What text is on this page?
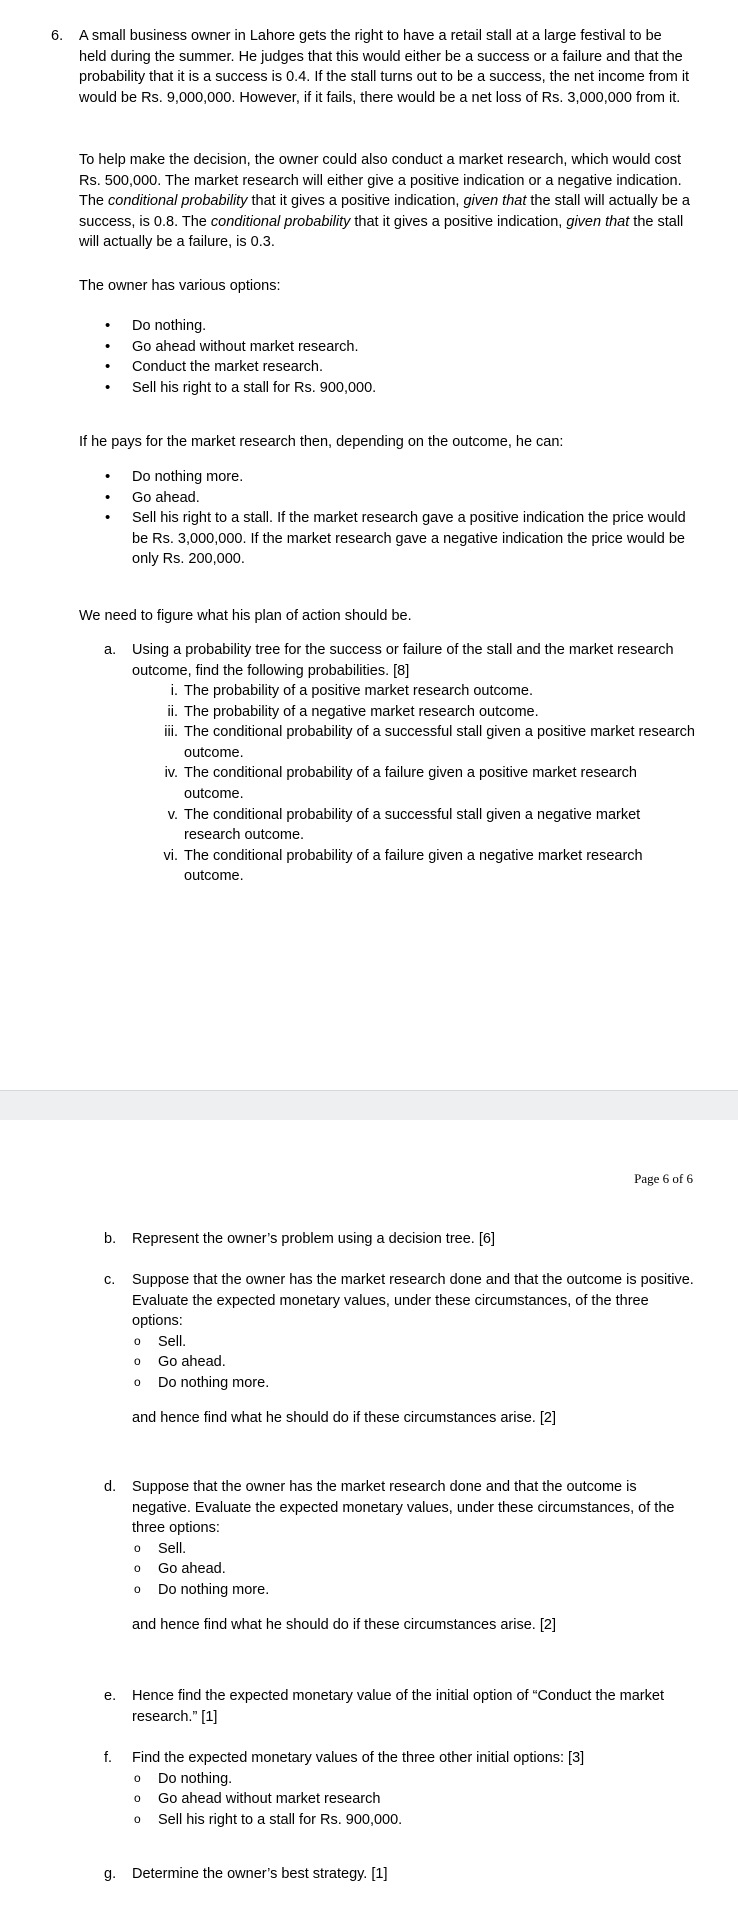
6. A small business owner in Lahore gets the right to have a retail stall at a large festival to be held during the summer. He judges that this would either be a success or a failure and that the probability that it is a success is 0.4. If the stall turns out to be a success, the net income from it would be Rs. 9,000,000. However, if it fails, there would be a net loss of Rs. 3,000,000 from it.

To help make the decision, the owner could also conduct a market research, which would cost Rs. 500,000. The market research will either give a positive indication or a negative indication. The conditional probability that it gives a positive indication, given that the stall will actually be a success, is 0.8. The conditional probability that it gives a positive indication, given that the stall will actually be a failure, is 0.3.

The owner has various options:

• Do nothing.
• Go ahead without market research.
• Conduct the market research.
• Sell his right to a stall for Rs. 900,000.

If he pays for the market research then, depending on the outcome, he can:

• Do nothing more.
• Go ahead.
• Sell his right to a stall. If the market research gave a positive indication the price would be Rs. 3,000,000. If the market research gave a negative indication the price would be only Rs. 200,000.

We need to figure what his plan of action should be.

a. Using a probability tree for the success or failure of the stall and the market research outcome, find the following probabilities. [8]

i. The probability of a positive market research outcome.
ii. The probability of a negative market research outcome.
iii. The conditional probability of a successful stall given a positive market research outcome.
iv. The conditional probability of a failure given a positive market research outcome.
v. The conditional probability of a successful stall given a negative market research outcome.
vi. The conditional probability of a failure given a negative market research outcome.
Page 6 of 6
b. Represent the owner’s problem using a decision tree. [6]

c. Suppose that the owner has the market research done and that the outcome is positive. Evaluate the expected monetary values, under these circumstances, of the three options:

o Sell.
o Go ahead.
o Do nothing more.

and hence find what he should do if these circumstances arise. [2]

d. Suppose that the owner has the market research done and that the outcome is negative. Evaluate the expected monetary values, under these circumstances, of the three options:

o Sell.
o Go ahead.
o Do nothing more.

and hence find what he should do if these circumstances arise. [2]

e. Hence find the expected monetary value of the initial option of “Conduct the market research.” [1]

f. Find the expected monetary values of the three other initial options: [3]

o Do nothing.
o Go ahead without market research
o Sell his right to a stall for Rs. 900,000.
g. Determine the owner’s best strategy. [1]
